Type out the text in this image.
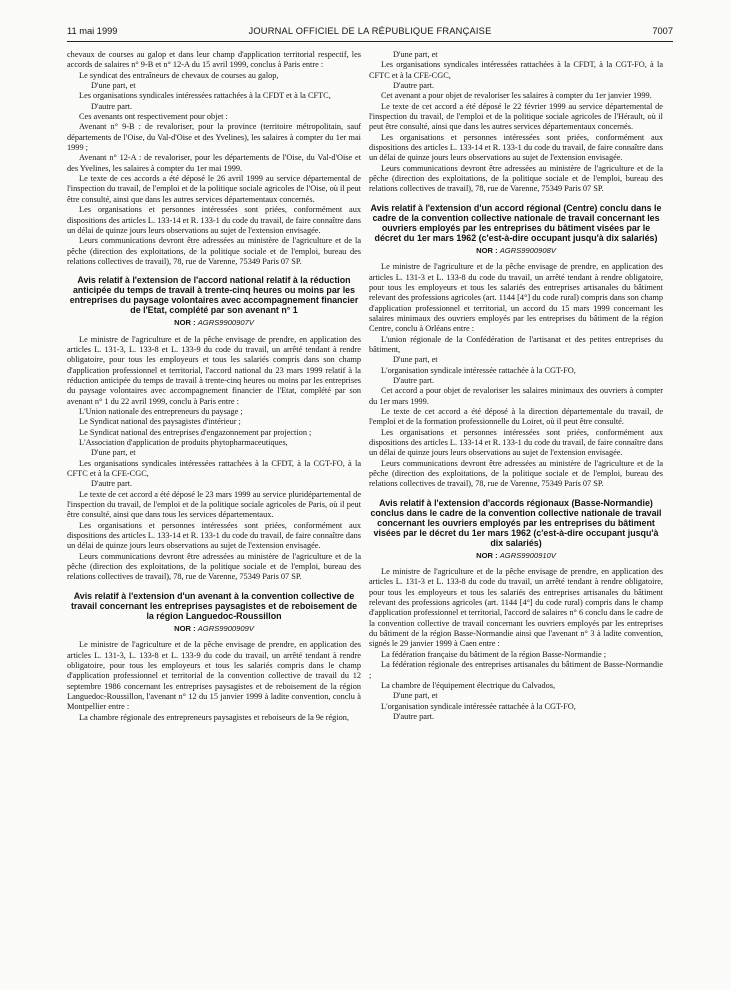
11 mai 1999	JOURNAL OFFICIEL DE LA RÉPUBLIQUE FRANÇAISE	7007

chevaux de courses au galop et dans leur champ d'application territorial respectif, les accords de salaires n° 9-B et n° 12-A du 15 avril 1999, conclus à Paris entre :

Le syndicat des entraîneurs de chevaux de courses au galop,

D'une part, et

Les organisations syndicales intéressées rattachées à la CFDT et à la CFTC,

D'autre part.

Ces avenants ont respectivement pour objet :

Avenant n° 9-B : de revaloriser, pour la province (territoire métropolitain, sauf départements de l'Oise, du Val-d'Oise et des Yvelines), les salaires à compter du 1er mai 1999 ;

Avenant n° 12-A : de revaloriser, pour les départements de l'Oise, du Val-d'Oise et des Yvelines, les salaires à compter du 1er mai 1999.

Le texte de ces accords a été déposé le 26 avril 1999 au service départemental de l'inspection du travail, de l'emploi et de la politique sociale agricoles de l'Oise, où il peut être consulté, ainsi que dans les autres services départementaux concernés.

Les organisations et personnes intéressées sont priées, conformément aux dispositions des articles L. 133-14 et R. 133-1 du code du travail, de faire connaître dans un délai de quinze jours leurs observations au sujet de l'extension envisagée.

Leurs communications devront être adressées au ministère de l'agriculture et de la pêche (direction des exploitations, de la politique sociale et de l'emploi, bureau des relations collectives de travail), 78, rue de Varenne, 75349 Paris 07 SP.

Avis relatif à l'extension de l'accord national relatif à la réduction anticipée du temps de travail à trente-cinq heures ou moins par les entreprises du paysage volontaires avec accompagnement financier de l'Etat, complété par son avenant n° 1
NOR : AGRS9900907V

Le ministre de l'agriculture et de la pêche envisage de prendre, en application des articles L. 131-3, L. 133-8 et L. 133-9 du code du travail, un arrêté tendant à rendre obligatoire, pour tous les employeurs et tous les salariés compris dans son champ d'application professionnel et territorial, l'accord national du 23 mars 1999 relatif à la réduction anticipée du temps de travail à trente-cinq heures ou moins par les entreprises du paysage volontaires avec accompagnement financier de l'Etat, complété par son avenant n° 1 du 22 avril 1999, conclu à Paris entre :

L'Union nationale des entrepreneurs du paysage ;

Le Syndicat national des paysagistes d'intérieur ;

Le Syndicat national des entreprises d'engazonnement par projection ;

L'Association d'application de produits phytopharmaceutiques,

D'une part, et

Les organisations syndicales intéressées rattachées à la CFDT, à la CGT-FO, à la CFTC et à la CFE-CGC,

D'autre part.

Le texte de cet accord a été déposé le 23 mars 1999 au service pluridépartemental de l'inspection du travail, de l'emploi et de la politique sociale agricoles de Paris, où il peut être consulté, ainsi que dans tous les services départementaux.

Les organisations et personnes intéressées sont priées, conformément aux dispositions des articles L. 133-14 et R. 133-1 du code du travail, de faire connaître dans un délai de quinze jours leurs observations au sujet de l'extension envisagée.

Leurs communications devront être adressées au ministère de l'agriculture et de la pêche (direction des exploitations, de la politique sociale et de l'emploi, bureau des relations collectives de travail), 78, rue de Varenne, 75349 Paris 07 SP.

Avis relatif à l'extension d'un avenant à la convention collective de travail concernant les entreprises paysagistes et de reboisement de la région Languedoc-Roussillon
NOR : AGRS9900909V

Le ministre de l'agriculture et de la pêche envisage de prendre, en application des articles L. 131-3, L. 133-8 et L. 133-9 du code du travail, un arrêté tendant à rendre obligatoire, pour tous les employeurs et tous les salariés compris dans le champ d'application professionnel et territorial de la convention collective de travail du 12 septembre 1986 concernant les entreprises paysagistes et de reboisement de la région Languedoc-Roussillon, l'avenant n° 12 du 15 janvier 1999 à ladite convention, conclu à Montpellier entre :

La chambre régionale des entrepreneurs paysagistes et reboiseurs de la 9e région,

D'une part, et

Les organisations syndicales intéressées rattachées à la CFDT, à la CGT-FO, à la CFTC et à la CFE-CGC,

D'autre part.

Cet avenant a pour objet de revaloriser les salaires à compter du 1er janvier 1999.

Le texte de cet accord a été déposé le 22 février 1999 au service départemental de l'inspection du travail, de l'emploi et de la politique sociale agricoles de l'Hérault, où il peut être consulté, ainsi que dans les autres services départementaux concernés.

Les organisations et personnes intéressées sont priées, conformément aux dispositions des articles L. 133-14 et R. 133-1 du code du travail, de faire connaître dans un délai de quinze jours leurs observations au sujet de l'extension envisagée.

Leurs communications devront être adressées au ministère de l'agriculture et de la pêche (direction des exploitations, de la politique sociale et de l'emploi, bureau des relations collectives de travail), 78, rue de Varenne, 75349 Paris 07 SP.

Avis relatif à l'extension d'un accord régional (Centre) conclu dans le cadre de la convention collective nationale de travail concernant les ouvriers employés par les entreprises du bâtiment visées par le décret du 1er mars 1962 (c'est-à-dire occupant jusqu'à dix salariés)
NOR : AGRS9900908V

Le ministre de l'agriculture et de la pêche envisage de prendre, en application des articles L. 131-3 et L. 133-8 du code du travail, un arrêté tendant à rendre obligatoire, pour tous les employeurs et tous les salariés des entreprises artisanales du bâtiment relevant des professions agricoles (art. 1144 [4°] du code rural) compris dans son champ d'application professionnel et territorial, un accord du 15 mars 1999 concernant les salaires minimaux des ouvriers employés par les entreprises du bâtiment de la région Centre, conclu à Orléans entre :

L'union régionale de la Confédération de l'artisanat et des petites entreprises du bâtiment,

D'une part, et

L'organisation syndicale intéressée rattachée à la CGT-FO,

D'autre part.

Cet accord a pour objet de revaloriser les salaires minimaux des ouvriers à compter du 1er mars 1999.

Le texte de cet accord a été déposé à la direction départementale du travail, de l'emploi et de la formation professionnelle du Loiret, où il peut être consulté.

Les organisations et personnes intéressées sont priées, conformément aux dispositions des articles L. 133-14 et R. 133-1 du code du travail, de faire connaître dans un délai de quinze jours leurs observations au sujet de l'extension envisagée.

Leurs communications devront être adressées au ministère de l'agriculture et de la pêche (direction des exploitations, de la politique sociale et de l'emploi, bureau des relations collectives de travail), 78, rue de Varenne, 75349 Paris 07 SP.

Avis relatif à l'extension d'accords régionaux (Basse-Normandie) conclus dans le cadre de la convention collective nationale de travail concernant les ouvriers employés par les entreprises du bâtiment visées par le décret du 1er mars 1962 (c'est-à-dire occupant jusqu'à dix salariés)
NOR : AGRS9900910V

Le ministre de l'agriculture et de la pêche envisage de prendre, en application des articles L. 131-3 et L. 133-8 du code du travail, un arrêté tendant à rendre obligatoire, pour tous les employeurs et tous les salariés des entreprises artisanales du bâtiment relevant des professions agricoles (art. 1144 [4°] du code rural) compris dans le champ d'application professionnel et territorial, l'accord de salaires n° 6 conclu dans le cadre de la convention collective de travail concernant les ouvriers employés par les entreprises du bâtiment de la région Basse-Normandie ainsi que l'avenant n° 3 à ladite convention, signés le 29 janvier 1999 à Caen entre :

La fédération française du bâtiment de la région Basse-Normandie ;

La fédération régionale des entreprises artisanales du bâtiment de Basse-Normandie ;

La chambre de l'équipement électrique du Calvados,

D'une part, et

L'organisation syndicale intéressée rattachée à la CGT-FO,

D'autre part.
